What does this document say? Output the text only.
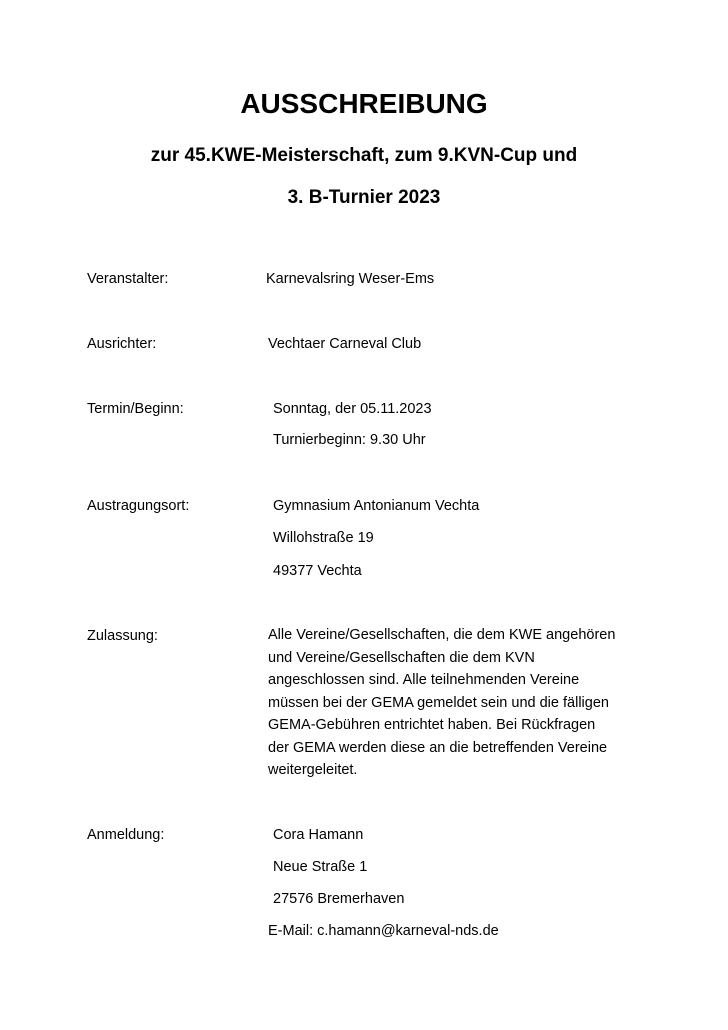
AUSSCHREIBUNG
zur 45.KWE-Meisterschaft, zum 9.KVN-Cup und
3. B-Turnier 2023

Veranstalter:	Karnevalsring Weser-Ems

Ausrichter:	Vechtaer Carneval Club

Termin/Beginn:	Sonntag, der 05.11.2023

Turnierbeginn: 9.30 Uhr

Austragungsort:	Gymnasium Antonianum Vechta

Willohstraße 19

49377 Vechta

Zulassung:	Alle Vereine/Gesellschaften, die dem KWE angehören
und Vereine/Gesellschaften die dem KVN
angeschlossen sind. Alle teilnehmenden Vereine
müssen bei der GEMA gemeldet sein und die fälligen
GEMA-Gebühren entrichtet haben. Bei Rückfragen
der GEMA werden diese an die betreffenden Vereine
weitergeleitet.

Anmeldung:	Cora Hamann

Neue Straße 1

27576 Bremerhaven

E-Mail: c.hamann@karneval-nds.de
